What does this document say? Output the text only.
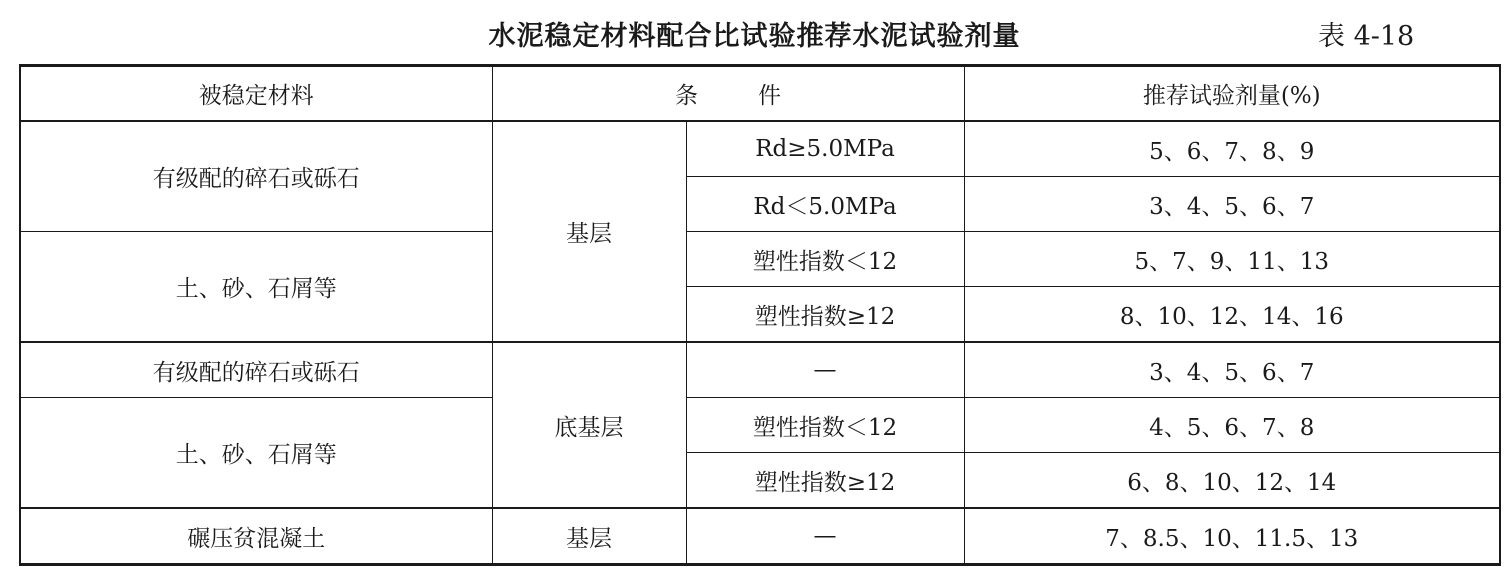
水泥稳定材料配合比试验推荐水泥试验剂量	表 4-18
被稳定材料	条件		推荐试验剂量(%)
有级配的碎石或砾石	基层	Rd≥5.0MPa	5、6、7、8、9
		Rd＜5.0MPa	3、4、5、6、7
土、砂、石屑等		塑性指数＜12	5、7、9、11、13
		塑性指数≥12	8、10、12、14、16
有级配的碎石或砾石	底基层	—	3、4、5、6、7
土、砂、石屑等		塑性指数＜12	4、5、6、7、8
		塑性指数≥12	6、8、10、12、14
碾压贫混凝土	基层	—	7、8.5、10、11.5、13
